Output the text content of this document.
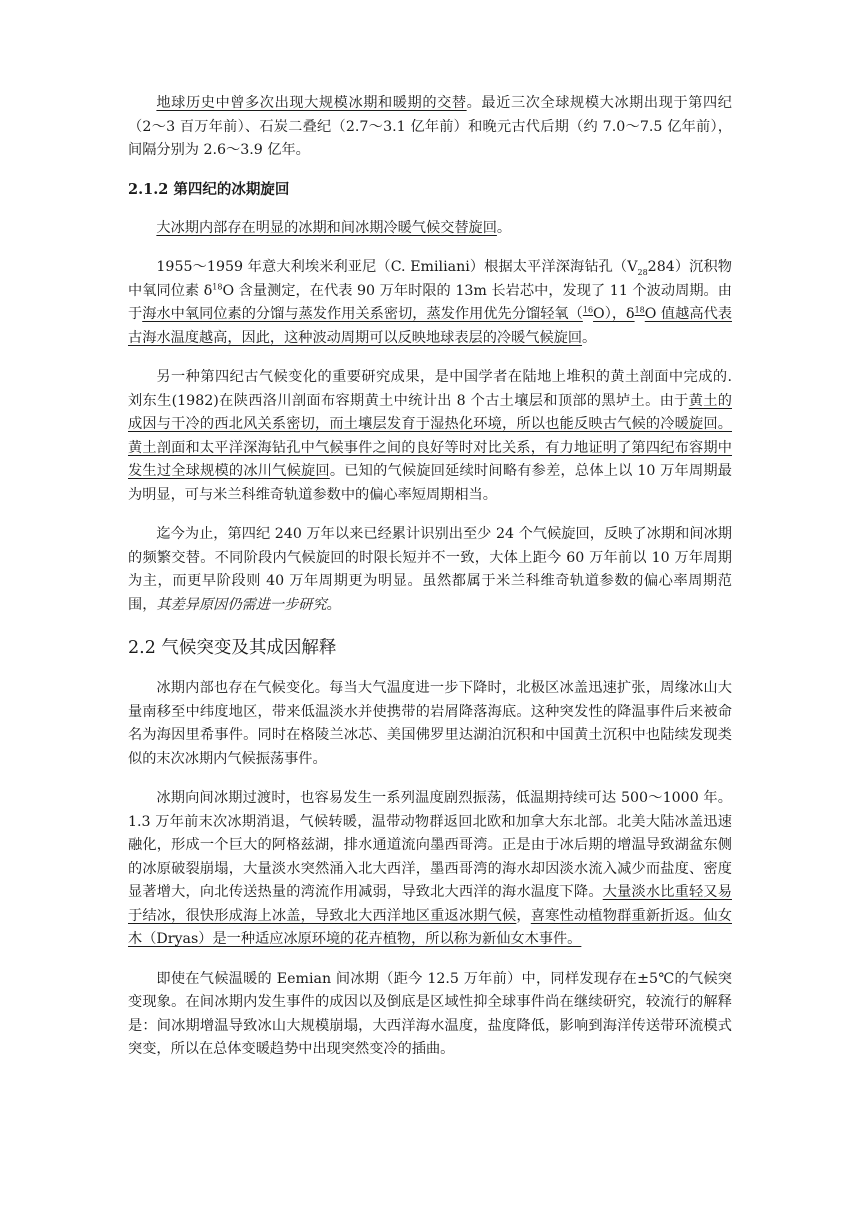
地球历史中曾多次出现大规模冰期和暖期的交替。最近三次全球规模大冰期出现于第四纪（2～3 百万年前）、石炭二叠纪（2.7～3.1 亿年前）和晚元古代后期（约 7.0～7.5 亿年前），间隔分别为 2.6～3.9 亿年。

2.1.2 第四纪的冰期旋回

大冰期内部存在明显的冰期和间冰期冷暖气候交替旋回。

1955～1959 年意大利埃米利亚尼（C. Emiliani）根据太平洋深海钻孔$(V_{28}284)$沉积物中氧同位素 $\delta^{18}O$ 含量测定，在代表 90 万年时限的 13m 长岩芯中，发现了 11 个波动周期。由于海水中氧同位素的分馏与蒸发作用关系密切，蒸发作用优先分馏轻氧（$^{16}$O），$\delta^{18}O$ 值越高代表古海水温度越高，因此，这种波动周期可以反映地球表层的冷暖气候旋回。

另一种第四纪古气候变化的重要研究成果，是中国学者在陆地上堆积的黄土剖面中完成的. 刘东生(1982)在陕西洛川剖面布容期黄土中统计出 8 个古土壤层和顶部的黑垆土。由于黄土的成因与干冷的西北风关系密切，而土壤层发育于湿热化环境，所以也能反映古气候的冷暖旋回。黄土剖面和太平洋深海钻孔中气候事件之间的良好等时对比关系，有力地证明了第四纪布容期中发生过全球规模的冰川气候旋回。已知的气候旋回延续时间略有参差，总体上以 10 万年周期最为明显，可与米兰科维奇轨道参数中的偏心率短周期相当。

迄今为止，第四纪 240 万年以来已经累计识别出至少 24 个气候旋回，反映了冰期和间冰期的频繁交替。不同阶段内气候旋回的时限长短并不一致，大体上距今 60 万年前以 10 万年周期为主，而更早阶段则 40 万年周期更为明显。虽然都属于米兰科维奇轨道参数的偏心率周期范围，其差异原因仍需进一步研究。

2.2 气候突变及其成因解释

冰期内部也存在气候变化。每当大气温度进一步下降时，北极区冰盖迅速扩张，周缘冰山大量南移至中纬度地区，带来低温淡水并使携带的岩屑降落海底。这种突发性的降温事件后来被命名为海因里希事件。同时在格陵兰冰芯、美国佛罗里达湖泊沉积和中国黄土沉积中也陆续发现类似的末次冰期内气候振荡事件。

冰期向间冰期过渡时，也容易发生一系列温度剧烈振荡，低温期持续可达 500～1000 年。1.3 万年前末次冰期消退，气候转暖，温带动物群返回北欧和加拿大东北部。北美大陆冰盖迅速融化，形成一个巨大的阿格兹湖，排水通道流向墨西哥湾。正是由于冰后期的增温导致湖盆东侧的冰原破裂崩塌，大量淡水突然涌入北大西洋，墨西哥湾的海水却因淡水流入减少而盐度、密度显著增大，向北传送热量的湾流作用减弱，导致北大西洋的海水温度下降。大量淡水比重轻又易于结冰，很快形成海上冰盖，导致北大西洋地区重返冰期气候，喜寒性动植物群重新折返。仙女木（Dryas）是一种适应冰原环境的花卉植物，所以称为新仙女木事件。

即使在气候温暖的 Eemian 间冰期（距今 12.5 万年前）中，同样发现存在±5℃的气候突变现象。在间冰期内发生事件的成因以及倒底是区域性抑全球事件尚在继续研究，较流行的解释是：间冰期增温导致冰山大规模崩塌，大西洋海水温度，盐度降低，影响到海洋传送带环流模式突变，所以在总体变暖趋势中出现突然变冷的插曲。
